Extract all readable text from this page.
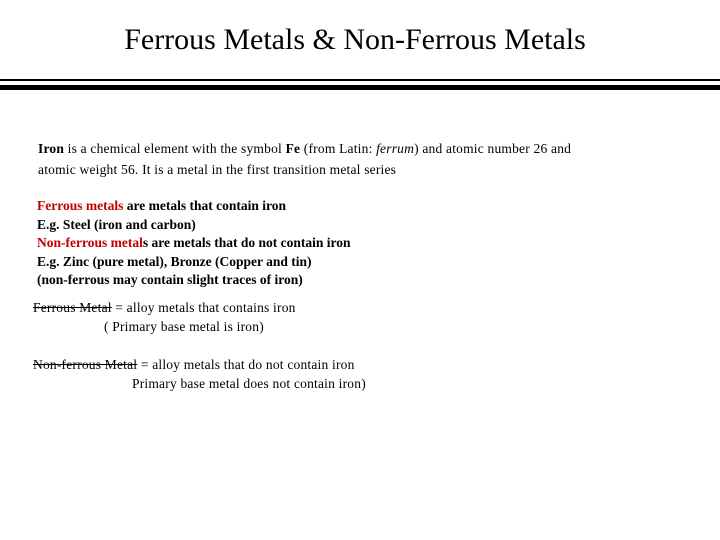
Ferrous Metals & Non-Ferrous Metals
Iron is a chemical element with the symbol Fe (from Latin: ferrum) and atomic number 26 and
atomic weight 56. It is a metal in the first transition metal series
Ferrous metals are metals that contain iron
E.g. Steel (iron and carbon)
Non-ferrous metals are metals that do not contain iron
E.g. Zinc (pure metal), Bronze (Copper and tin)
(non-ferrous may contain slight traces of iron)
Ferrous Metal = alloy metals that contains iron
( Primary base metal is iron)
Non-ferrous Metal = alloy metals that do not contain iron
Primary base metal does not contain iron)
